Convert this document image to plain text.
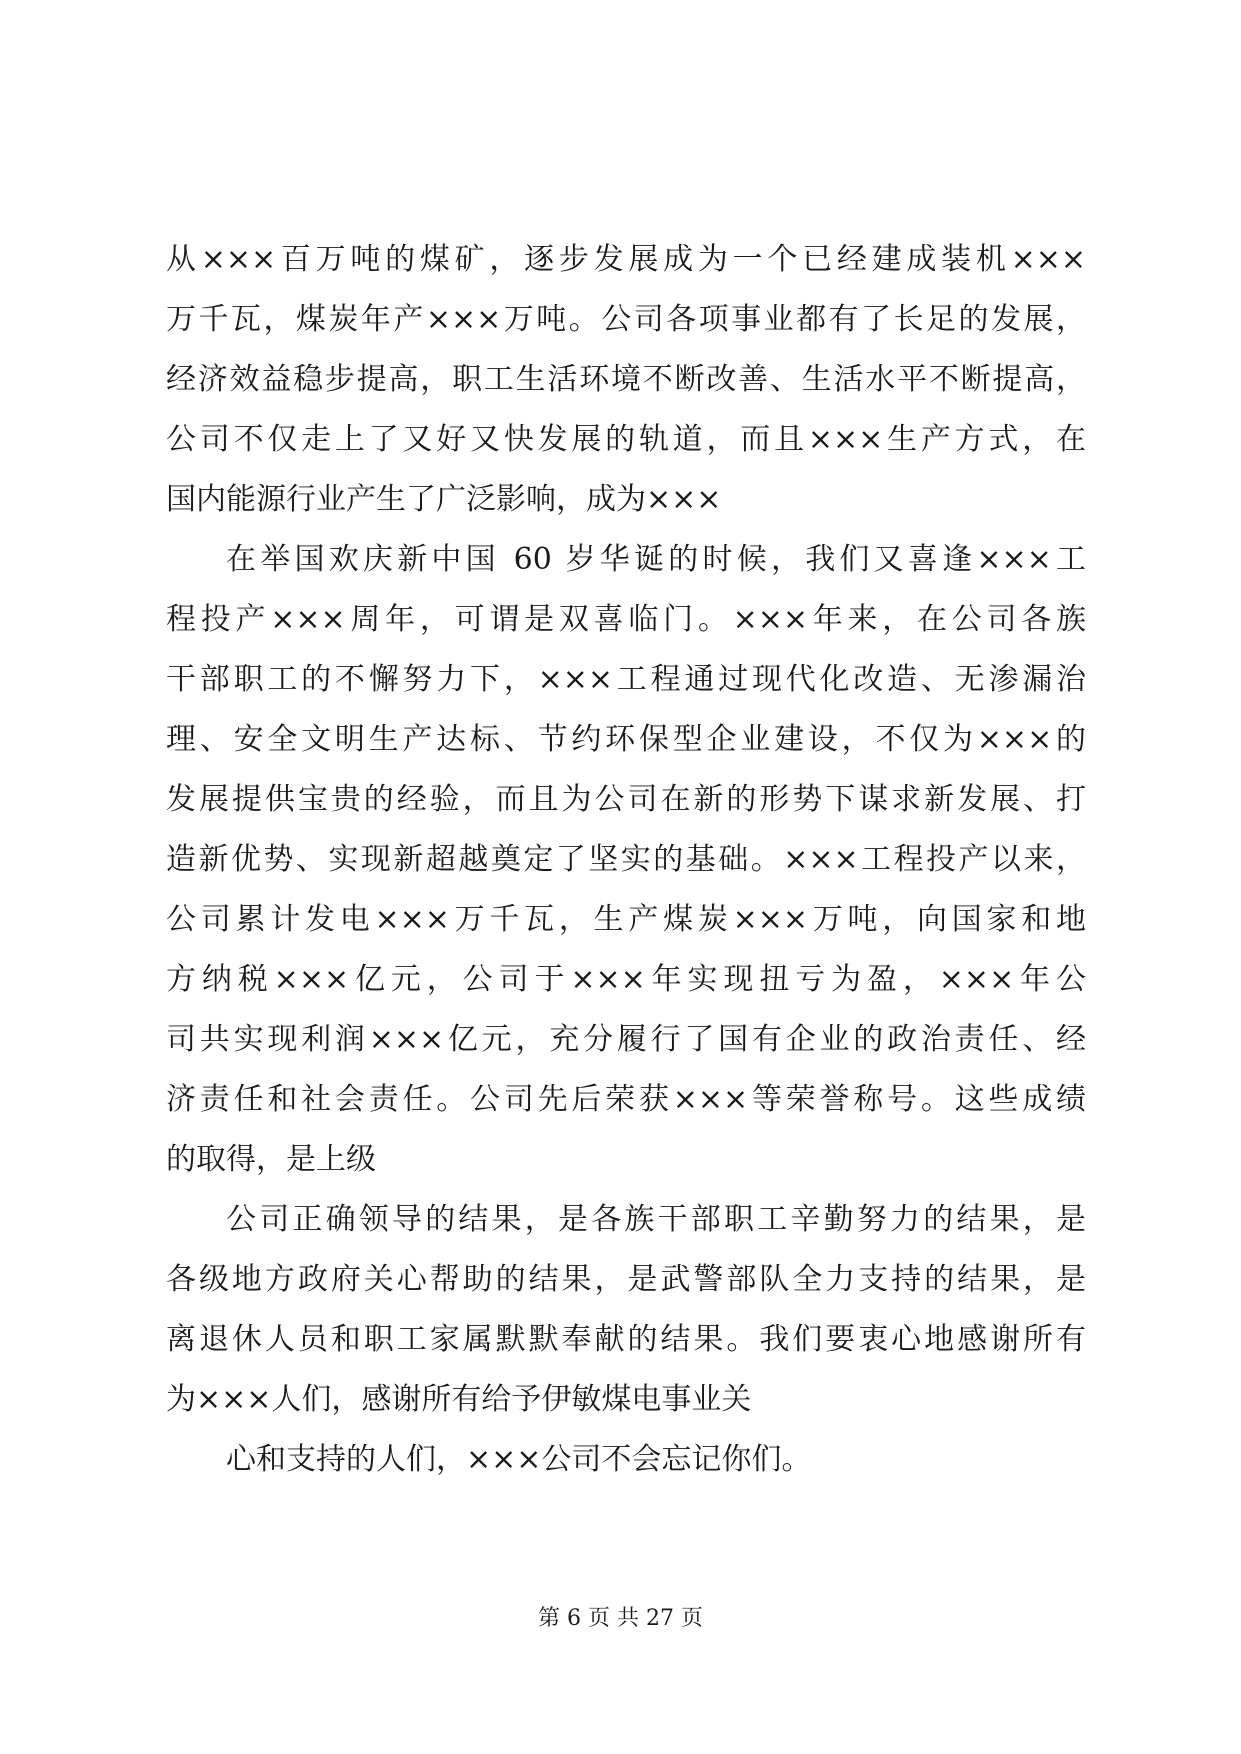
从×××百万吨的煤矿，逐步发展成为一个已经建成装机×××
万千瓦，煤炭年产×××万吨。公司各项事业都有了长足的发展，
经济效益稳步提高，职工生活环境不断改善、生活水平不断提高，
公司不仅走上了又好又快发展的轨道，而且×××生产方式，在
国内能源行业产生了广泛影响，成为×××
在举国欢庆新中国 60 岁华诞的时候，我们又喜逢×××工
程投产×××周年，可谓是双喜临门。×××年来，在公司各族
干部职工的不懈努力下，×××工程通过现代化改造、无渗漏治
理、安全文明生产达标、节约环保型企业建设，不仅为×××的
发展提供宝贵的经验，而且为公司在新的形势下谋求新发展、打
造新优势、实现新超越奠定了坚实的基础。×××工程投产以来，
公司累计发电×××万千瓦，生产煤炭×××万吨，向国家和地
方纳税×××亿元，公司于×××年实现扭亏为盈，×××年公
司共实现利润×××亿元，充分履行了国有企业的政治责任、经
济责任和社会责任。公司先后荣获×××等荣誉称号。这些成绩
的取得，是上级
公司正确领导的结果，是各族干部职工辛勤努力的结果，是
各级地方政府关心帮助的结果，是武警部队全力支持的结果，是
离退休人员和职工家属默默奉献的结果。我们要衷心地感谢所有
为×××人们，感谢所有给予伊敏煤电事业关
心和支持的人们，×××公司不会忘记你们。
第 6 页 共 27 页
